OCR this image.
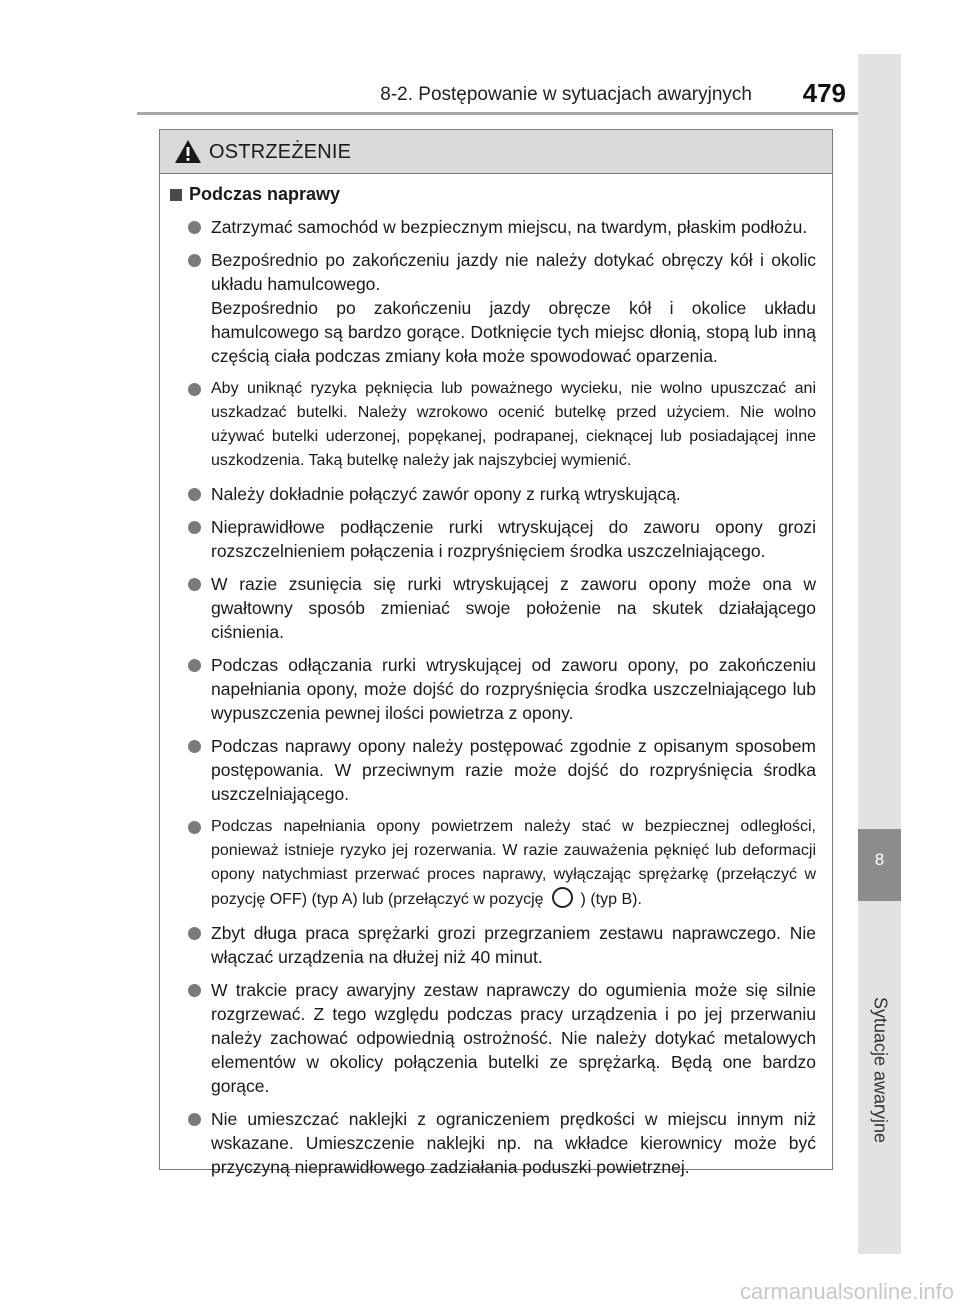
8-2. Postępowanie w sytuacjach awaryjnych 479
8
Sytuacje awaryjne
OSTRZEŻENIE
Podczas naprawy
Zatrzymać samochód w bezpiecznym miejscu, na twardym, płaskim podłożu.
Bezpośrednio po zakończeniu jazdy nie należy dotykać obręczy kół i okolic układu hamulcowego.
Bezpośrednio po zakończeniu jazdy obręcze kół i okolice układu hamulcowego są bardzo gorące. Dotknięcie tych miejsc dłonią, stopą lub inną częścią ciała podczas zmiany koła może spowodować oparzenia.
Aby uniknąć ryzyka pęknięcia lub poważnego wycieku, nie wolno upuszczać ani uszkadzać butelki. Należy wzrokowo ocenić butelkę przed użyciem. Nie wolno używać butelki uderzonej, popękanej, podrapanej, cieknącej lub posiadającej inne uszkodzenia. Taką butelkę należy jak najszybciej wymienić.
Należy dokładnie połączyć zawór opony z rurką wtryskującą.
Nieprawidłowe podłączenie rurki wtryskującej do zaworu opony grozi rozszczelnieniem połączenia i rozpryśnięciem środka uszczelniającego.
W razie zsunięcia się rurki wtryskującej z zaworu opony może ona w gwałtowny sposób zmieniać swoje położenie na skutek działającego ciśnienia.
Podczas odłączania rurki wtryskującej od zaworu opony, po zakończeniu napełniania opony, może dojść do rozpryśnięcia środka uszczelniającego lub wypuszczenia pewnej ilości powietrza z opony.
Podczas naprawy opony należy postępować zgodnie z opisanym sposobem postępowania. W przeciwnym razie może dojść do rozpryśnięcia środka uszczelniającego.
Podczas napełniania opony powietrzem należy stać w bezpiecznej odległości, ponieważ istnieje ryzyko jej rozerwania. W razie zauważenia pęknięć lub deformacji opony natychmiast przerwać proces naprawy, wyłączając sprężarkę (przełączyć w pozycję OFF) (typ A) lub (przełączyć w pozycję ) (typ B).
Zbyt długa praca sprężarki grozi przegrzaniem zestawu naprawczego. Nie włączać urządzenia na dłużej niż 40 minut.
W trakcie pracy awaryjny zestaw naprawczy do ogumienia może się silnie rozgrzewać. Z tego względu podczas pracy urządzenia i po jej przerwaniu należy zachować odpowiednią ostrożność. Nie należy dotykać metalowych elementów w okolicy połączenia butelki ze sprężarką. Będą one bardzo gorące.
Nie umieszczać naklejki z ograniczeniem prędkości w miejscu innym niż wskazane. Umieszczenie naklejki np. na wkładce kierownicy może być przyczyną nieprawidłowego zadziałania poduszki powietrznej.
carmanualsonline.info
